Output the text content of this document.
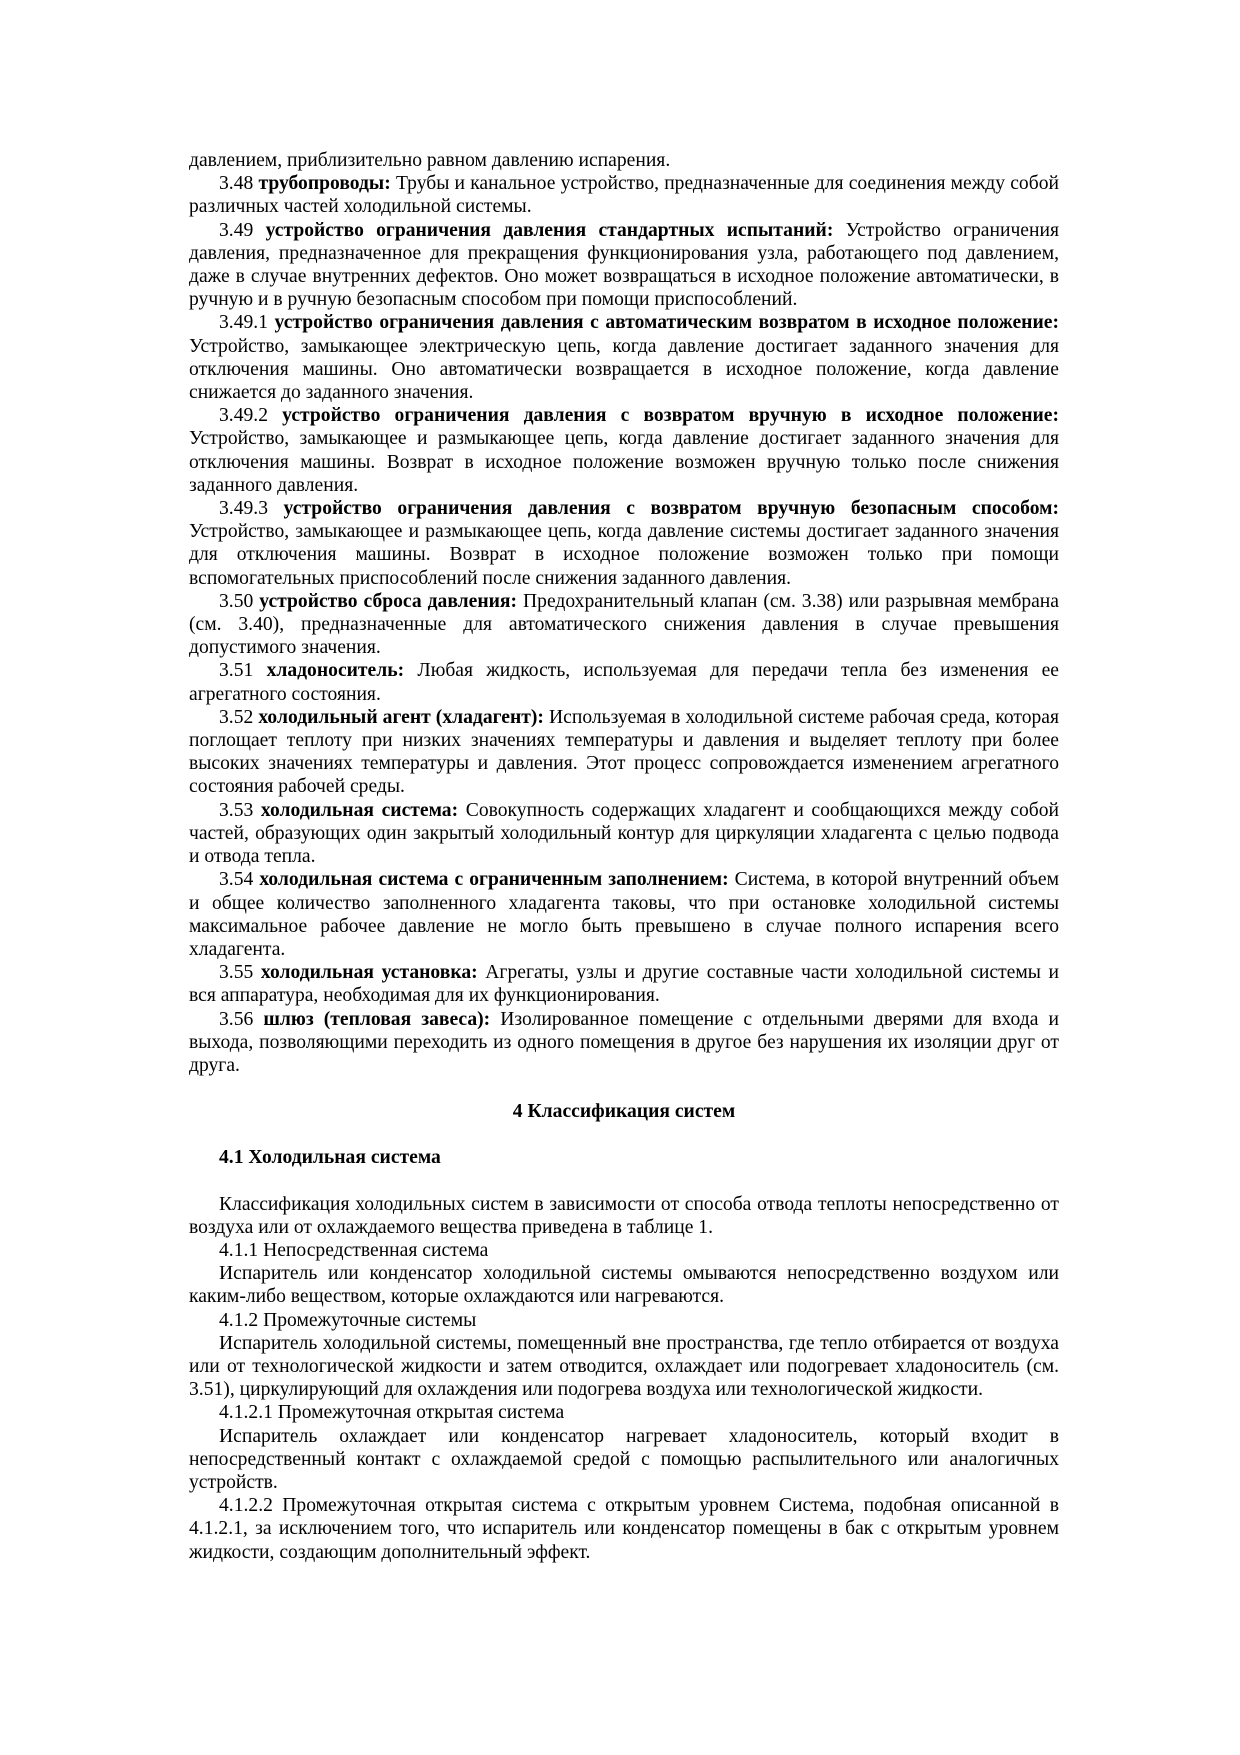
давлением, приблизительно равном давлению испарения.

3.48 трубопроводы: Трубы и канальное устройство, предназначенные для соединения между собой различных частей холодильной системы.

3.49 устройство ограничения давления стандартных испытаний: Устройство ограничения давления, предназначенное для прекращения функционирования узла, работающего под давлением, даже в случае внутренних дефектов. Оно может возвращаться в исходное положение автоматически, в ручную и в ручную безопасным способом при помощи приспособлений.

3.49.1 устройство ограничения давления с автоматическим возвратом в исходное положение: Устройство, замыкающее электрическую цепь, когда давление достигает заданного значения для отключения машины. Оно автоматически возвращается в исходное положение, когда давление снижается до заданного значения.

3.49.2 устройство ограничения давления с возвратом вручную в исходное положение: Устройство, замыкающее и размыкающее цепь, когда давление достигает заданного значения для отключения машины. Возврат в исходное положение возможен вручную только после снижения заданного давления.

3.49.3 устройство ограничения давления с возвратом вручную безопасным способом: Устройство, замыкающее и размыкающее цепь, когда давление системы достигает заданного значения для отключения машины. Возврат в исходное положение возможен только при помощи вспомогательных приспособлений после снижения заданного давления.

3.50 устройство сброса давления: Предохранительный клапан (см. 3.38) или разрывная мембрана (см. 3.40), предназначенные для автоматического снижения давления в случае превышения допустимого значения.

3.51 хладоноситель: Любая жидкость, используемая для передачи тепла без изменения ее агрегатного состояния.

3.52 холодильный агент (хладагент): Используемая в холодильной системе рабочая среда, которая поглощает теплоту при низких значениях температуры и давления и выделяет теплоту при более высоких значениях температуры и давления. Этот процесс сопровождается изменением агрегатного состояния рабочей среды.

3.53 холодильная система: Совокупность содержащих хладагент и сообщающихся между собой частей, образующих один закрытый холодильный контур для циркуляции хладагента с целью подвода и отвода тепла.

3.54 холодильная система с ограниченным заполнением: Система, в которой внутренний объем и общее количество заполненного хладагента таковы, что при остановке холодильной системы максимальное рабочее давление не могло быть превышено в случае полного испарения всего хладагента.

3.55 холодильная установка: Агрегаты, узлы и другие составные части холодильной системы и вся аппаратура, необходимая для их функционирования.

3.56 шлюз (тепловая завеса): Изолированное помещение с отдельными дверями для входа и выхода, позволяющими переходить из одного помещения в другое без нарушения их изоляции друг от друга.

4 Классификация систем

4.1 Холодильная система

Классификация холодильных систем в зависимости от способа отвода теплоты непосредственно от воздуха или от охлаждаемого вещества приведена в таблице 1.

4.1.1 Непосредственная система

Испаритель или конденсатор холодильной системы омываются непосредственно воздухом или каким-либо веществом, которые охлаждаются или нагреваются.

4.1.2 Промежуточные системы

Испаритель холодильной системы, помещенный вне пространства, где тепло отбирается от воздуха или от технологической жидкости и затем отводится, охлаждает или подогревает хладоноситель (см. 3.51), циркулирующий для охлаждения или подогрева воздуха или технологической жидкости.

4.1.2.1 Промежуточная открытая система

Испаритель охлаждает или конденсатор нагревает хладоноситель, который входит в непосредственный контакт с охлаждаемой средой с помощью распылительного или аналогичных устройств.

4.1.2.2 Промежуточная открытая система с открытым уровнем Система, подобная описанной в 4.1.2.1, за исключением того, что испаритель или конденсатор помещены в бак с открытым уровнем жидкости, создающим дополнительный эффект.
